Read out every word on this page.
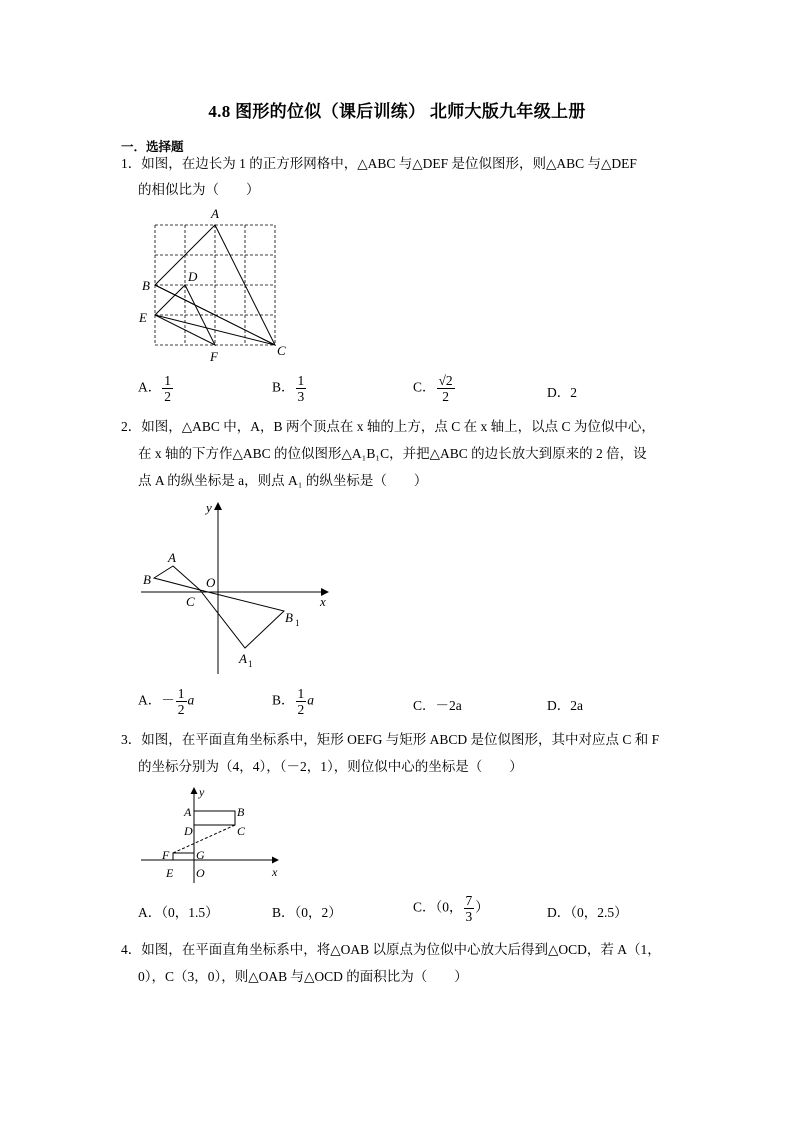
4.8 图形的位似（课后训练） 北师大版九年级上册
一．选择题
1．如图，在边长为 1 的正方形网格中，△ABC 与△DEF 是位似图形，则△ABC 与△DEF
的相似比为（　　）
A
B
C
D
E
F
A． $\frac{1}{2}$	B． $\frac{1}{3}$	C． $\frac{√2}{2}$	D．2
2．如图，△ABC 中，A，B 两个顶点在 x 轴的上方，点 C 在 x 轴上，以点 C 为位似中心，
在 x 轴的下方作△ABC 的位似图形△A₁B₁C，并把△ABC 的边长放大到原来的 2 倍，设
点 A 的纵坐标是 a，则点 A₁ 的纵坐标是（　　）
y
x
A
B
C
O
B 1
A 1
A．－ $\frac{1}{2}$ a	B． $\frac{1}{2}$ a	C．－2a	D．2a
3．如图，在平面直角坐标系中，矩形 OEFG 与矩形 ABCD 是位似图形，其中对应点 C 和 F
的坐标分别为（4，4），（－2，1），则位似中心的坐标是（　　）
y
x
A	B
C
D
E
F G
O
A．（0，1.5）	B．（0，2）	C．（0， $\frac{7}{3}$ ）	D．（0，2.5）
4．如图，在平面直角坐标系中，将△OAB 以原点为位似中心放大后得到△OCD，若 A（1，
0），C（3，0），则△OAB 与△OCD 的面积比为（　　）
